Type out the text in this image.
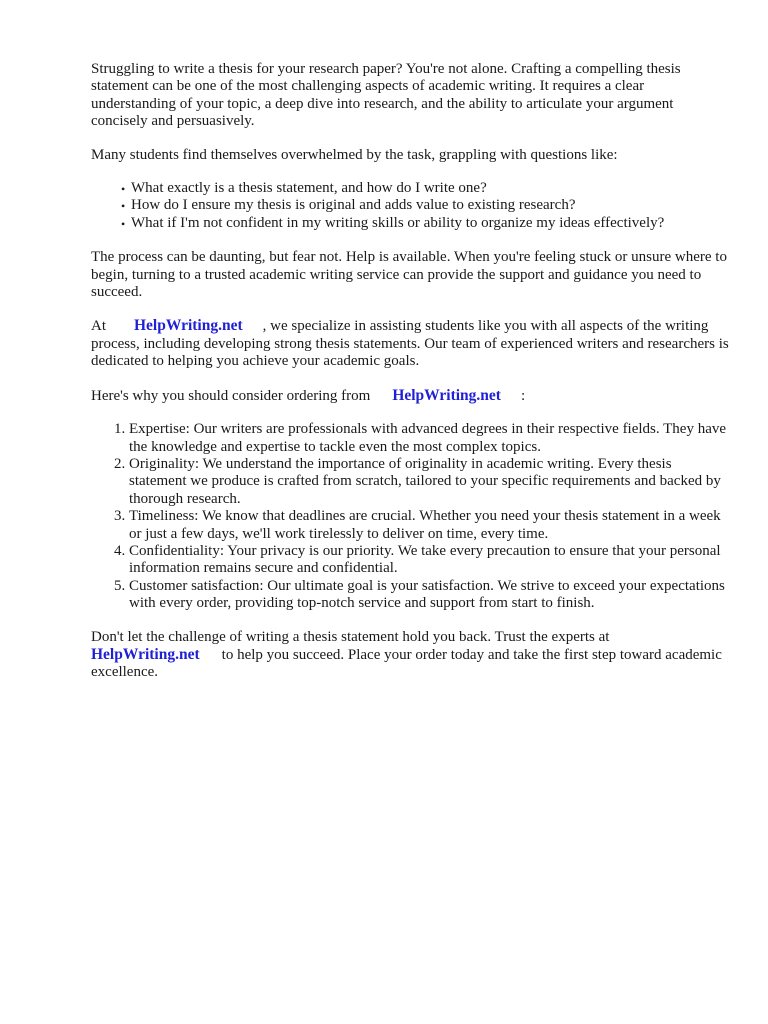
Struggling to write a thesis for your research paper? You're not alone. Crafting a compelling thesis statement can be one of the most challenging aspects of academic writing. It requires a clear understanding of your topic, a deep dive into research, and the ability to articulate your argument concisely and persuasively.

Many students find themselves overwhelmed by the task, grappling with questions like:

• What exactly is a thesis statement, and how do I write one?
• How do I ensure my thesis is original and adds value to existing research?
• What if I'm not confident in my writing skills or ability to organize my ideas effectively?

The process can be daunting, but fear not. Help is available. When you're feeling stuck or unsure where to begin, turning to a trusted academic writing service can provide the support and guidance you need to succeed.

At HelpWriting.net , we specialize in assisting students like you with all aspects of the writing process, including developing strong thesis statements. Our team of experienced writers and researchers is dedicated to helping you achieve your academic goals.

Here's why you should consider ordering from HelpWriting.net :

1. Expertise: Our writers are professionals with advanced degrees in their respective fields. They have the knowledge and expertise to tackle even the most complex topics.
2. Originality: We understand the importance of originality in academic writing. Every thesis statement we produce is crafted from scratch, tailored to your specific requirements and backed by thorough research.
3. Timeliness: We know that deadlines are crucial. Whether you need your thesis statement in a week or just a few days, we'll work tirelessly to deliver on time, every time.
4. Confidentiality: Your privacy is our priority. We take every precaution to ensure that your personal information remains secure and confidential.
5. Customer satisfaction: Our ultimate goal is your satisfaction. We strive to exceed your expectations with every order, providing top-notch service and support from start to finish.

Don't let the challenge of writing a thesis statement hold you back. Trust the experts at HelpWriting.net to help you succeed. Place your order today and take the first step toward academic excellence.
